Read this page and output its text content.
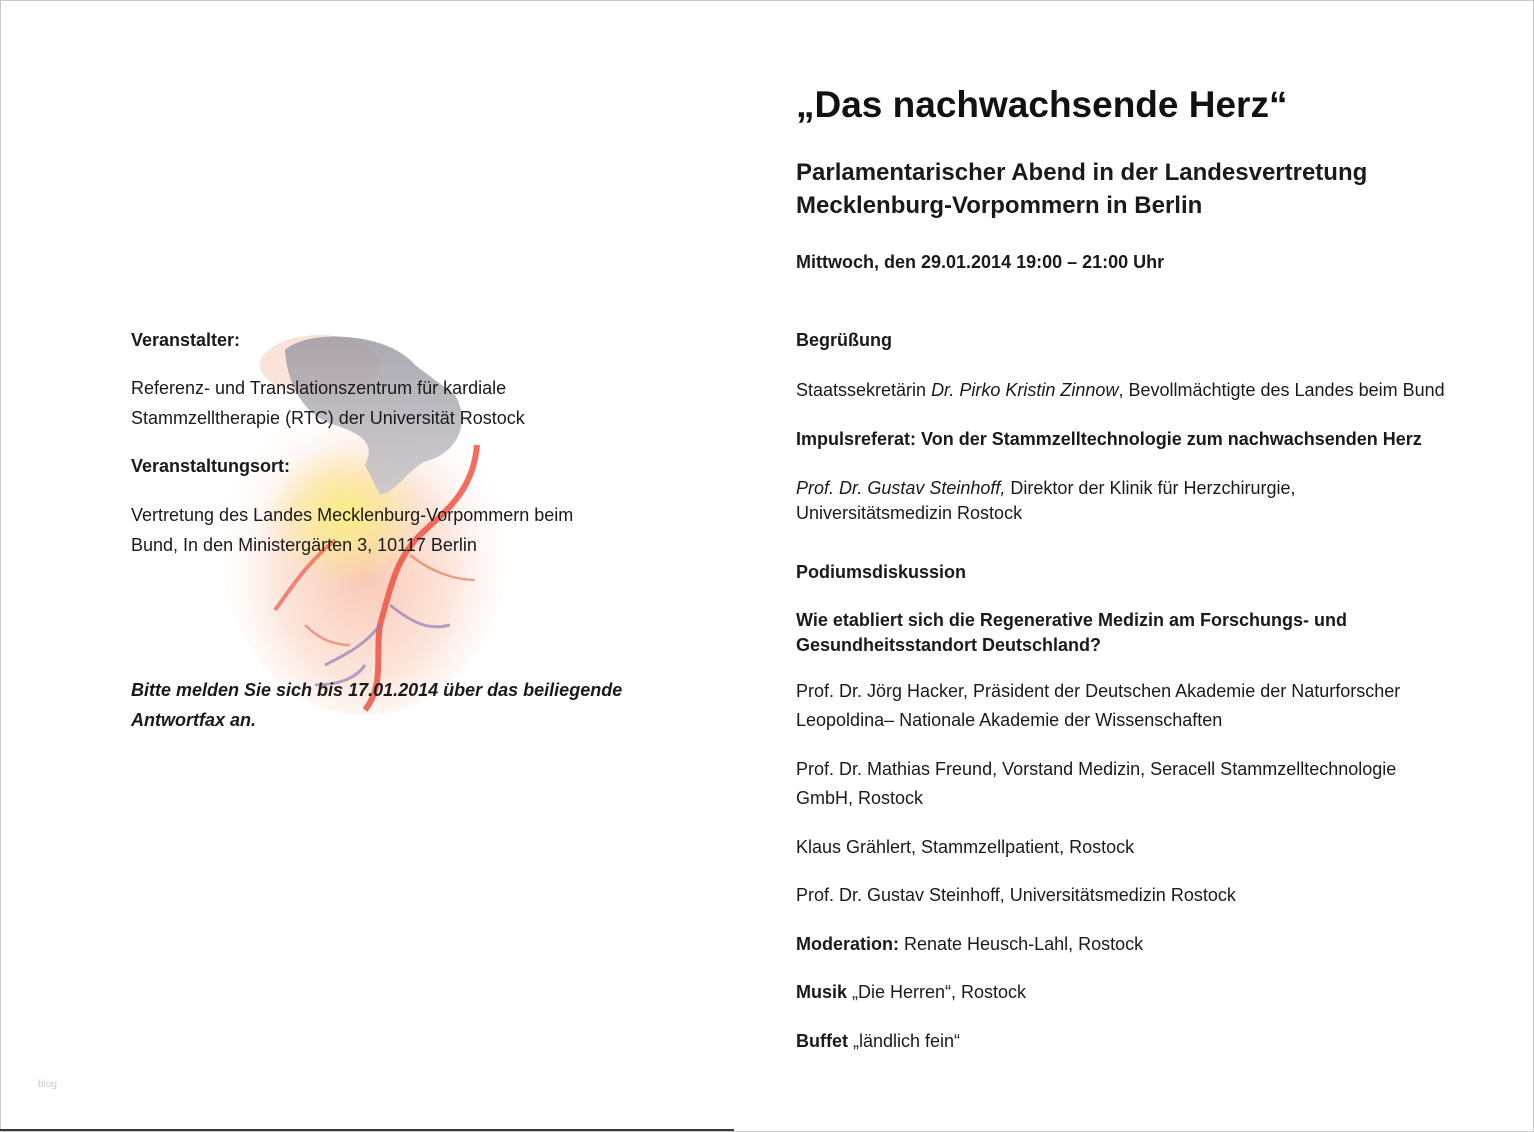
Veranstalter:

Referenz- und Translationszentrum für kardiale

Stammzelltherapie (RTC) der Universität Rostock

Veranstaltungsort:

Vertretung des Landes Mecklenburg-Vorpommern beim

Bund, In den Ministergärten 3, 10117 Berlin

Bitte melden Sie sich bis 17.01.2014 über das beiliegende

Antwortfax an.

blog
„Das nachwachsende Herz“
Parlamentarischer Abend in der Landesvertretung
Mecklenburg-Vorpommern in Berlin

Mittwoch, den 29.01.2014 19:00 – 21:00 Uhr

Begrüßung

Staatssekretärin Dr. Pirko Kristin Zinnow, Bevollmächtigte des Landes beim Bund

Impulsreferat: Von der Stammzelltechnologie zum nachwachsenden Herz

Prof. Dr. Gustav Steinhoff, Direktor der Klinik für Herzchirurgie,

Universitätsmedizin Rostock

Podiumsdiskussion

Wie etabliert sich die Regenerative Medizin am Forschungs- und

Gesundheitsstandort Deutschland?

Prof. Dr. Jörg Hacker, Präsident der Deutschen Akademie der Naturforscher

Leopoldina– Nationale Akademie der Wissenschaften

Prof. Dr. Mathias Freund, Vorstand Medizin, Seracell Stammzelltechnologie

GmbH, Rostock

Klaus Grählert, Stammzellpatient, Rostock

Prof. Dr. Gustav Steinhoff, Universitätsmedizin Rostock

Moderation: Renate Heusch-Lahl, Rostock

Musik „Die Herren“, Rostock

Buffet „ländlich fein“
